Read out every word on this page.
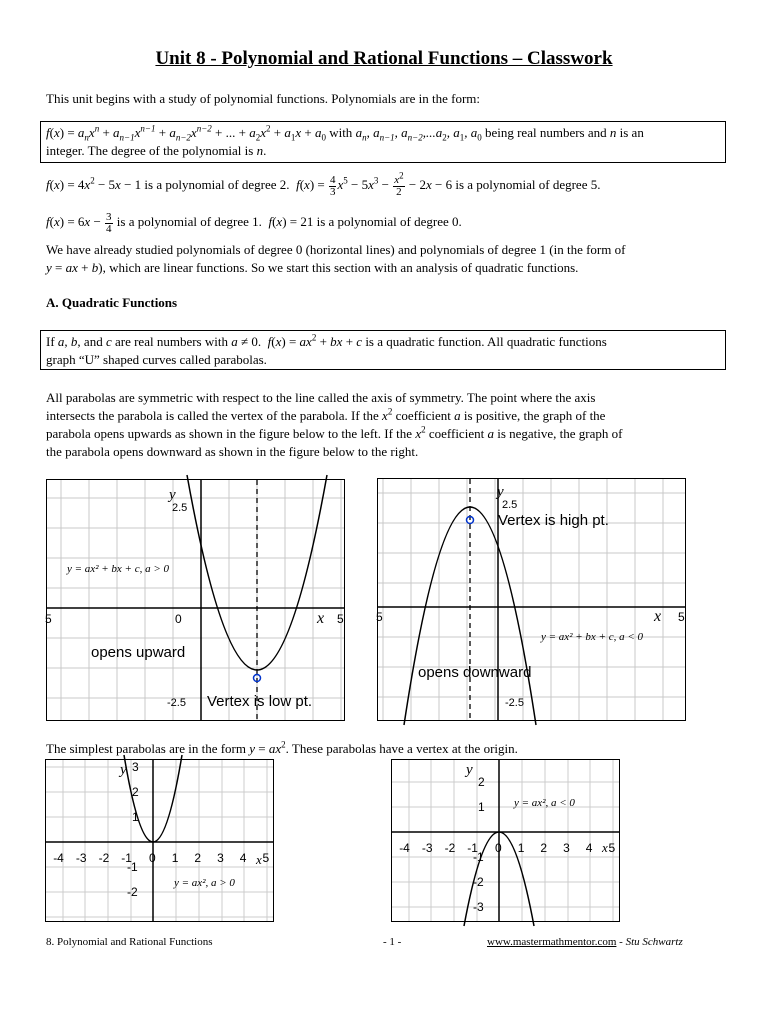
Unit 8 - Polynomial and Rational Functions – Classwork
This unit begins with a study of polynomial functions. Polynomials are in the form:
$f(x) = a_nx^n + a_{n-1}x^{n-1} + a_{n-2}x^{n-2}$ + ... + $a_2x^2 + a_1x + a_0$ with $a_n$, $a_{n-1}$, $a_{n-2},...a_2$, $a_1$, $a_0$ being real numbers and n is an
integer. The degree of the polynomial is n.
$f(x) = 4x^2 - 5x - 1$ is a polynomial of degree 2. $f(x) = \frac{4}{3} x^5 - 5x^3 - \frac{x^2}{2} - 2x - 6$ is a polynomial of degree 5.
$f(x) = 6x - \frac{3}{4}$ is a polynomial of degree 1. f(x) = 21 is a polynomial of degree 0.
We have already studied polynomials of degree 0 (horizontal lines) and polynomials of degree 1 (in the form of
y = ax + b), which are linear functions. So we start this section with an analysis of quadratic functions.
A. Quadratic Functions
If a, b, and c are real numbers with a ≠ 0.  $f(x) = ax^2$ + bx + c is a quadratic function. All quadratic functions
graph “U” shaped curves called parabolas.
All parabolas are symmetric with respect to the line called the axis of symmetry. The point where the axis
intersects the parabola is called the vertex of the parabola. If the $x^2$ coefficient a is positive, the graph of the
parabola opens upwards as shown in the figure below to the left. If the $x^2$ coefficient a is negative, the graph of
the parabola opens downward as shown in the figure below to the right.
y
2.5
0	x
5	5
-2.5
y = ax² + bx + c, a > 0
opens upward
Vertex is low pt.
y
2.5
Vertex is high pt.
x
5	5
y = ax² + bx + c, a < 0
opens downward
-2.5
The simplest parabolas are in the form $y = ax^2$. These parabolas have a vertex at the origin.
-4 -3 -2 -1 0 1 2 3 4 5
3
2
1
-1
-2
y
x
y = ax², a > 0
-4 -3 -2 -1 0 1 2 3 4 5
2
1
-1
-2
-3
y
x
y = ax², a < 0
8. Polynomial and Rational Functions	- 1 -	www.mastermathmentor.com - Stu Schwartz
